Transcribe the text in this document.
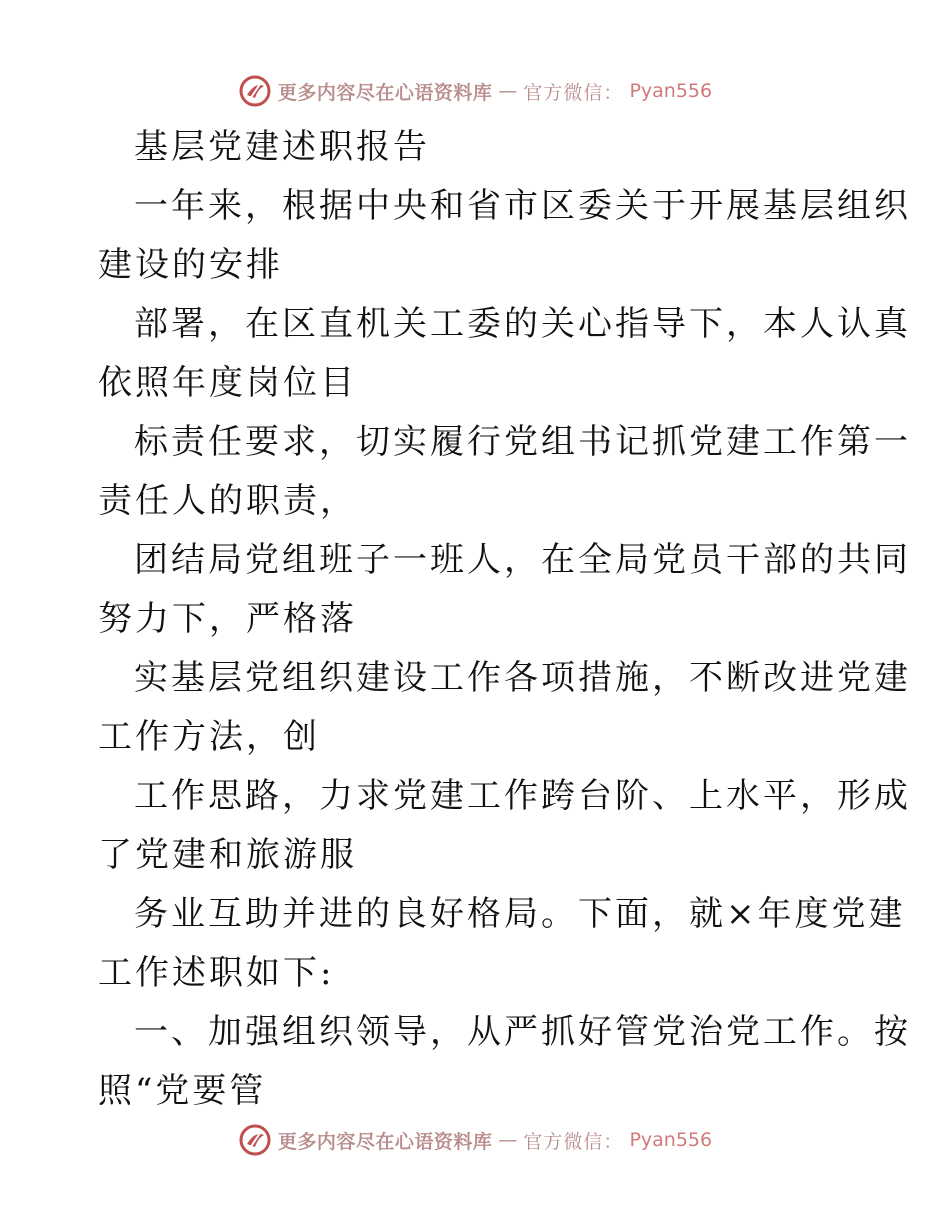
更多内容尽在心语资料库 — 官方微信： Pyan556
基层党建述职报告
一年来，根据中央和省市区委关于开展基层组织
建设的安排
部署，在区直机关工委的关心指导下，本人认真
依照年度岗位目
标责任要求，切实履行党组书记抓党建工作第一
责任人的职责，
团结局党组班子一班人，在全局党员干部的共同
努力下，严格落
实基层党组织建设工作各项措施，不断改进党建
工作方法，创
工作思路，力求党建工作跨台阶、上水平，形成
了党建和旅游服
务业互助并进的良好格局。下面，就×年度党建
工作述职如下:
一、加强组织领导，从严抓好管党治党工作。按
照“党要管
更多内容尽在心语资料库 — 官方微信： Pyan556
